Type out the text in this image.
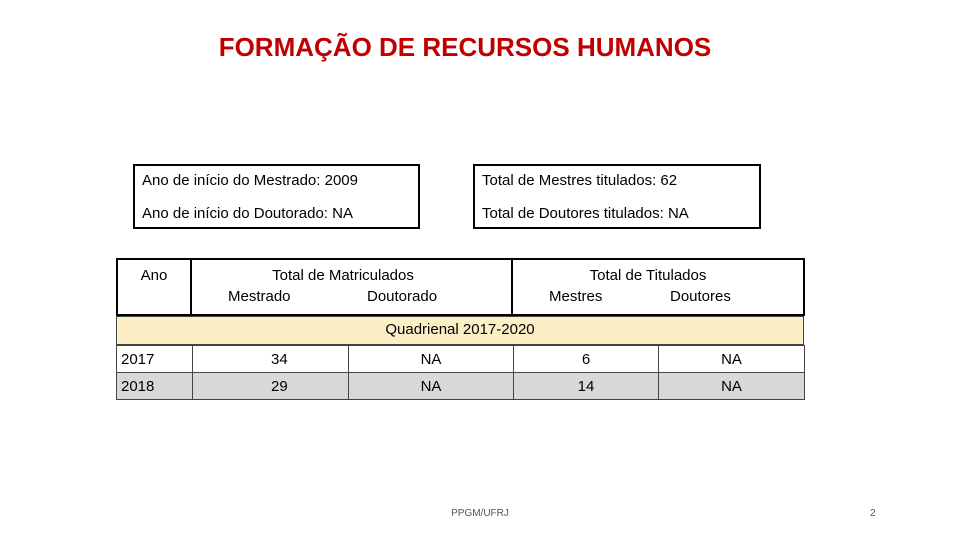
FORMAÇÃO DE RECURSOS HUMANOS
Ano de início do Mestrado: 2009
Ano de início do Doutorado: NA
Total de Mestres titulados: 62
Total de Doutores titulados: NA
Ano	Total de Matriculados
Mestrado	Doutorado
Total de Titulados
Mestres	Doutores
Quadrienal 2017-2020
2017	34	NA	6	NA
2018	29	NA	14	NA
PPGM/UFRJ	2
